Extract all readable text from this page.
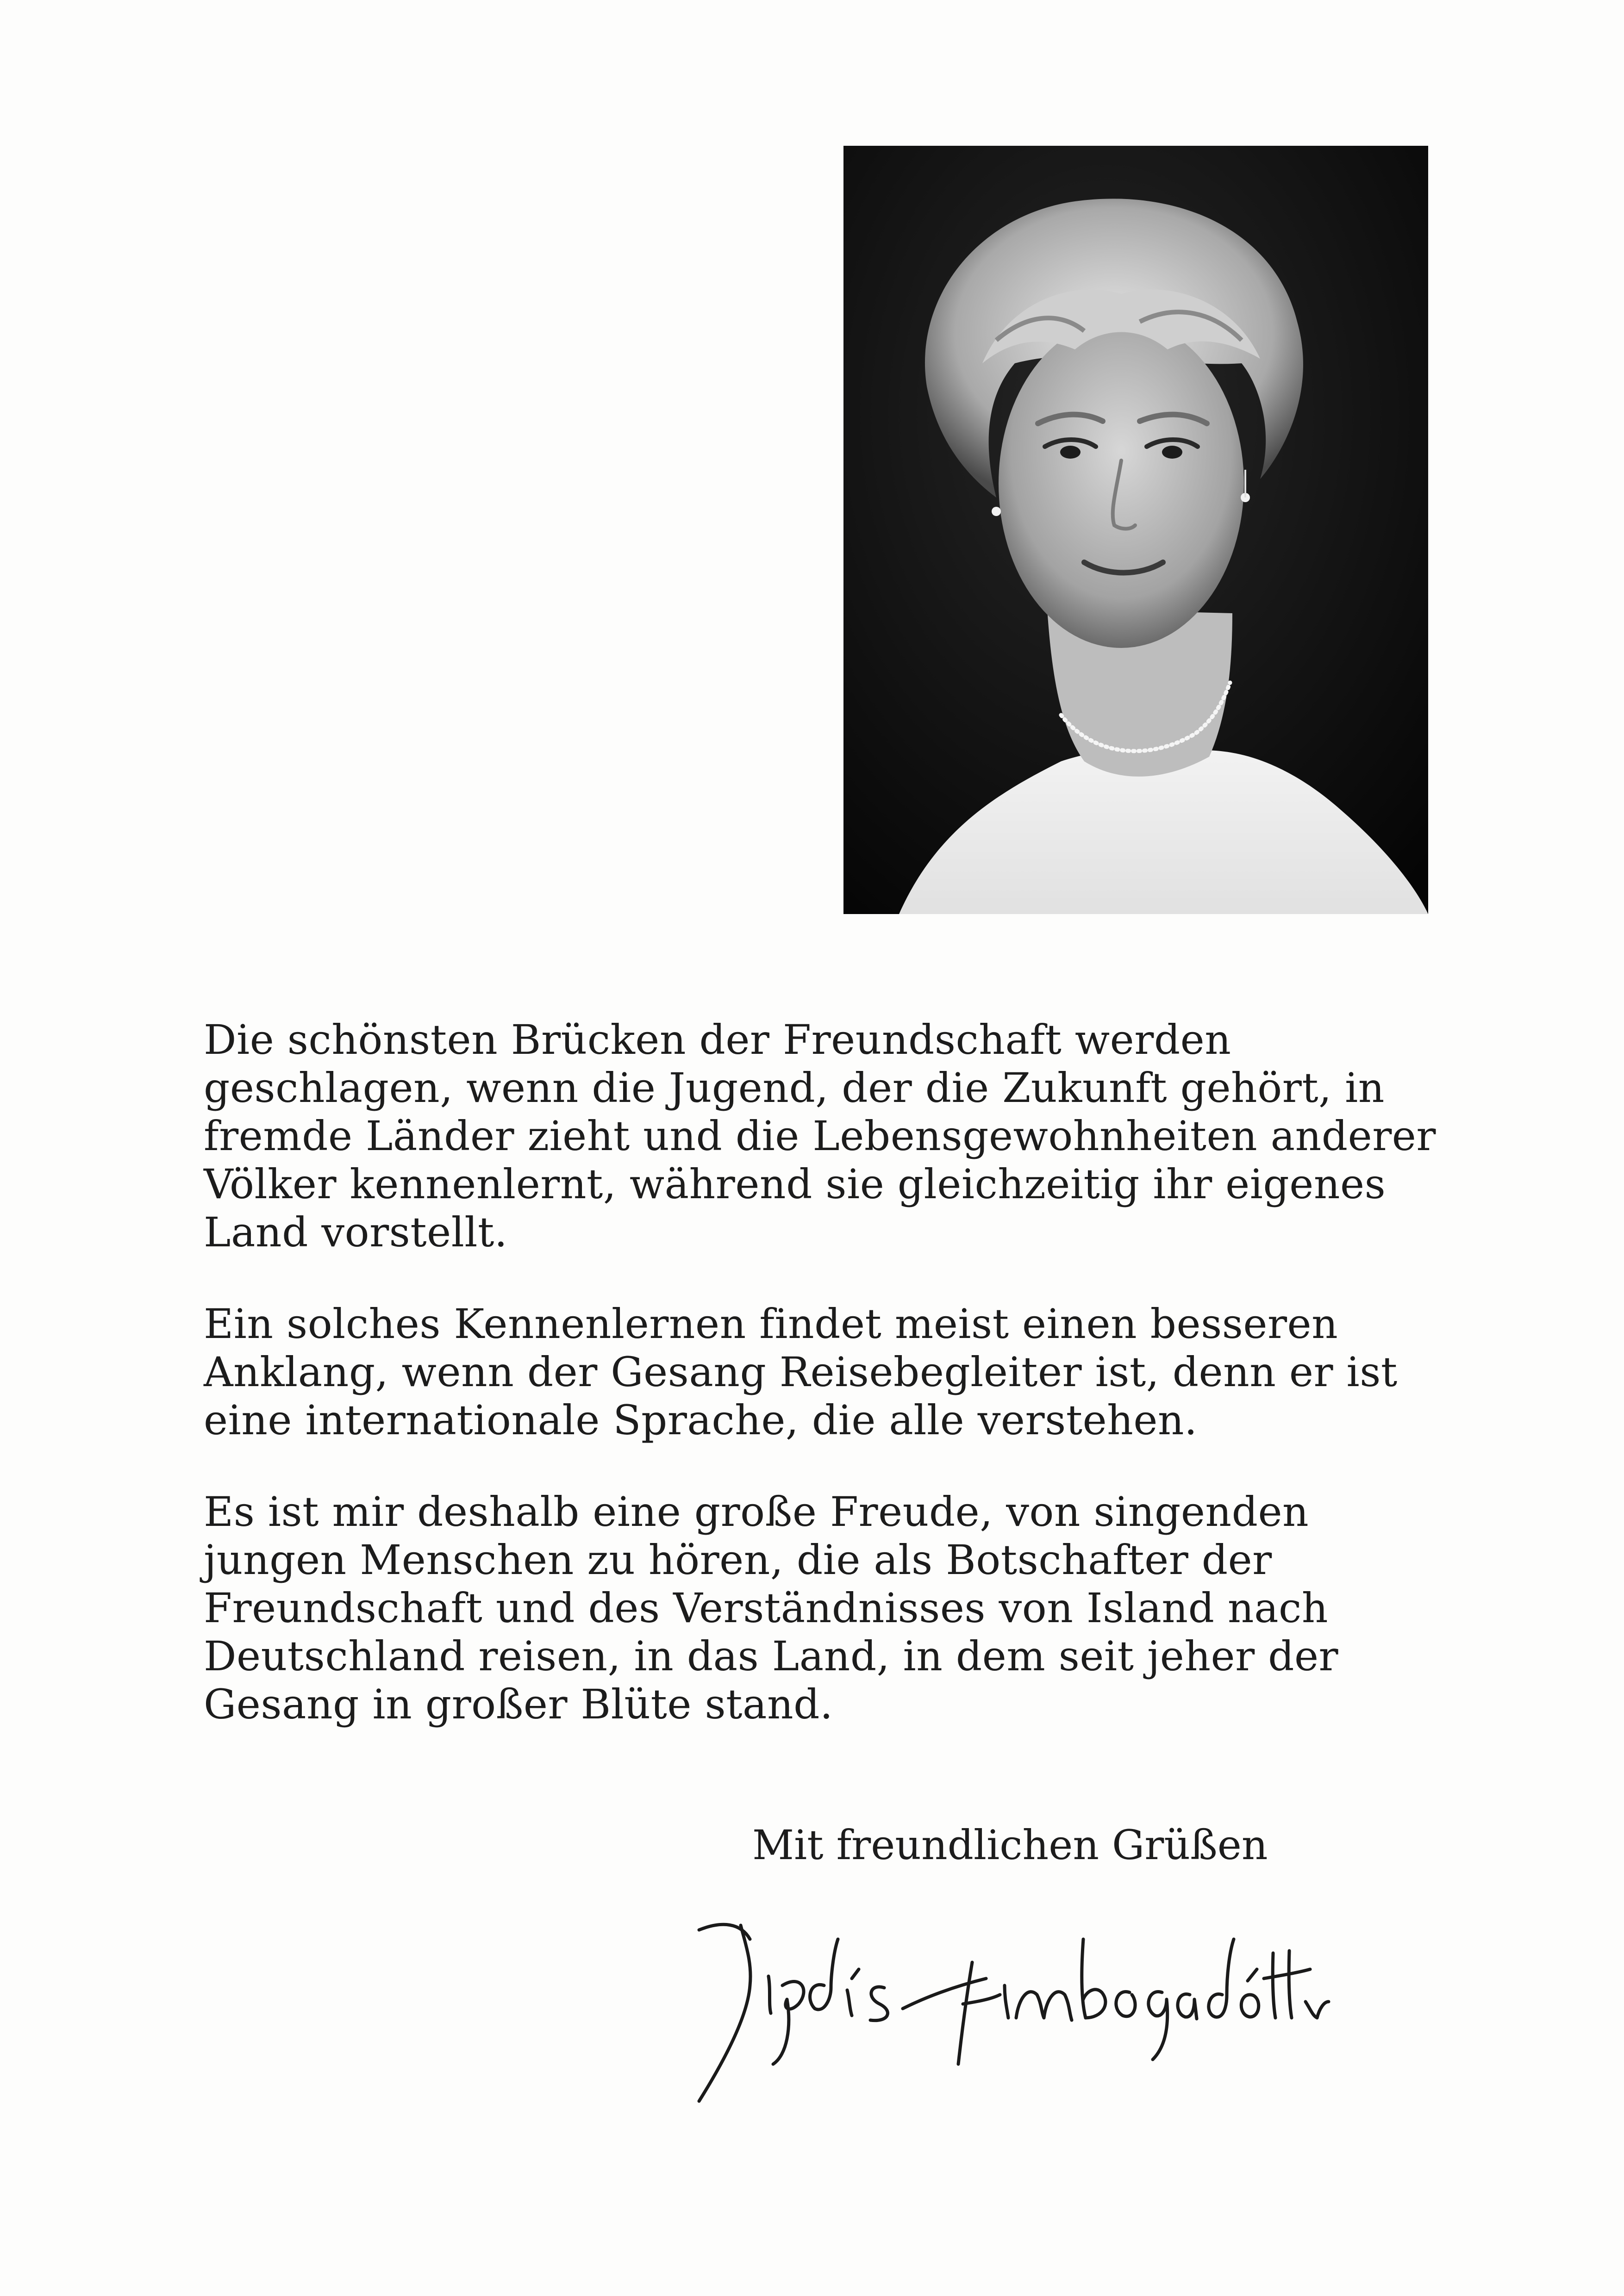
Die schönsten Brücken der Freundschaft werden
geschlagen, wenn die Jugend, der die Zukunft gehört, in
fremde Länder zieht und die Lebensgewohnheiten anderer
Völker kennenlernt, während sie gleichzeitig ihr eigenes
Land vorstellt.

Ein solches Kennenlernen findet meist einen besseren
Anklang, wenn der Gesang Reisebegleiter ist, denn er ist
eine internationale Sprache, die alle verstehen.

Es ist mir deshalb eine große Freude, von singenden
jungen Menschen zu hören, die als Botschafter der
Freundschaft und des Verständnisses von Island nach
Deutschland reisen, in das Land, in dem seit jeher der
Gesang in großer Blüte stand.

Mit freundlichen Grüßen
